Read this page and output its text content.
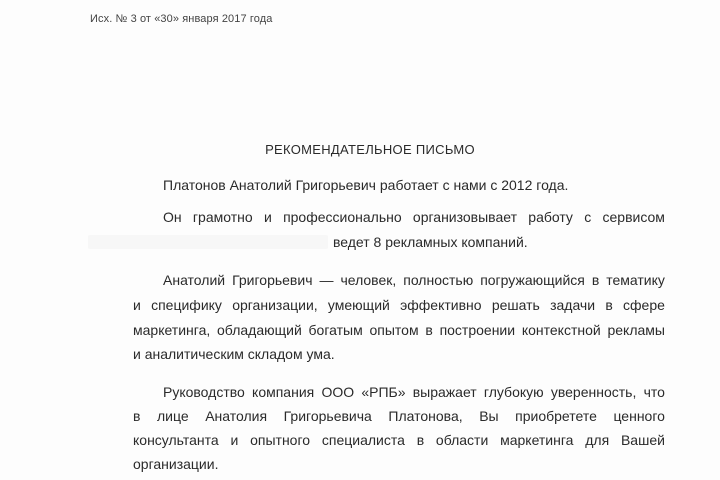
Исх. № 3 от «30» января 2017 года
РЕКОМЕНДАТЕЛЬНОЕ ПИСЬМО
Платонов Анатолий Григорьевич работает с нами с 2012 года.
Он грамотно и профессионально организовывает работу с сервисом
ведет 8 рекламных компаний.
Анатолий Григорьевич — человек, полностью погружающийся в тематику
и специфику организации, умеющий эффективно решать задачи в сфере
маркетинга, обладающий богатым опытом в построении контекстной рекламы
и аналитическим складом ума.
Руководство компания ООО «РПБ» выражает глубокую уверенность, что
в лице Анатолия Григорьевича Платонова, Вы приобретете ценного
консультанта и опытного специалиста в области маркетинга для Вашей
организации.
